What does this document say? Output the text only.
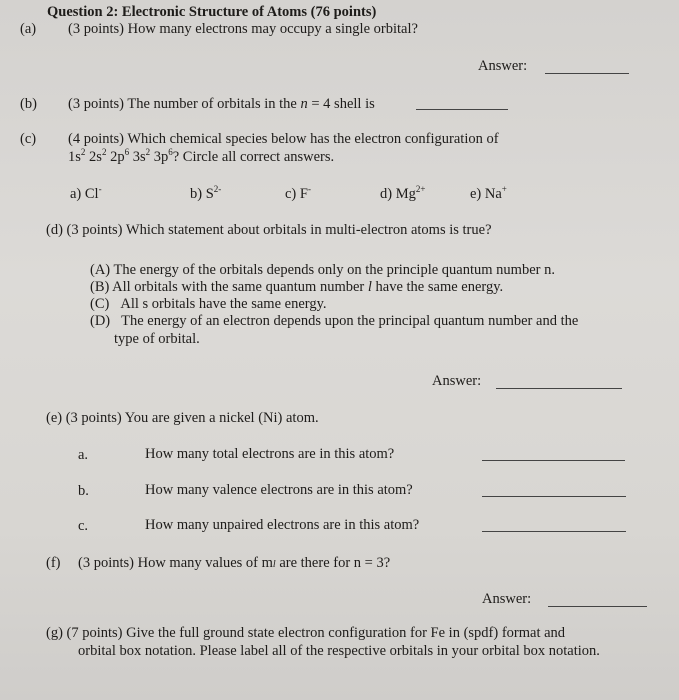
Question 2: Electronic Structure of Atoms (76 points)
(a) (3 points) How many electrons may occupy a single orbital?
Answer:
(b) (3 points) The number of orbitals in the n = 4 shell is
(c) (4 points) Which chemical species below has the electron configuration of
$1s^2$ $2s^2$ $2p^6$ $3s^2$ $3p^6$? Circle all correct answers.
a) Cl-	b) $S^{2-}$	c) F-	d) $Mg^{2+}$	e) Na+
(d) (3 points) Which statement about orbitals in multi-electron atoms is true?
(A) The energy of the orbitals depends only on the principle quantum number n.
(B) All orbitals with the same quantum number l have the same energy.
(C) All s orbitals have the same energy.
(D) The energy of an electron depends upon the principal quantum number and the
type of orbital.
Answer:
(e) (3 points) You are given a nickel (Ni) atom.
a.	How many total electrons are in this atom?
b.	How many valence electrons are in this atom?
c.	How many unpaired electrons are in this atom?
(f) (3 points) How many values of ml are there for n = 3?
Answer:
(g) (7 points) Give the full ground state electron configuration for Fe in (spdf) format and
orbital box notation. Please label all of the respective orbitals in your orbital box notation.
